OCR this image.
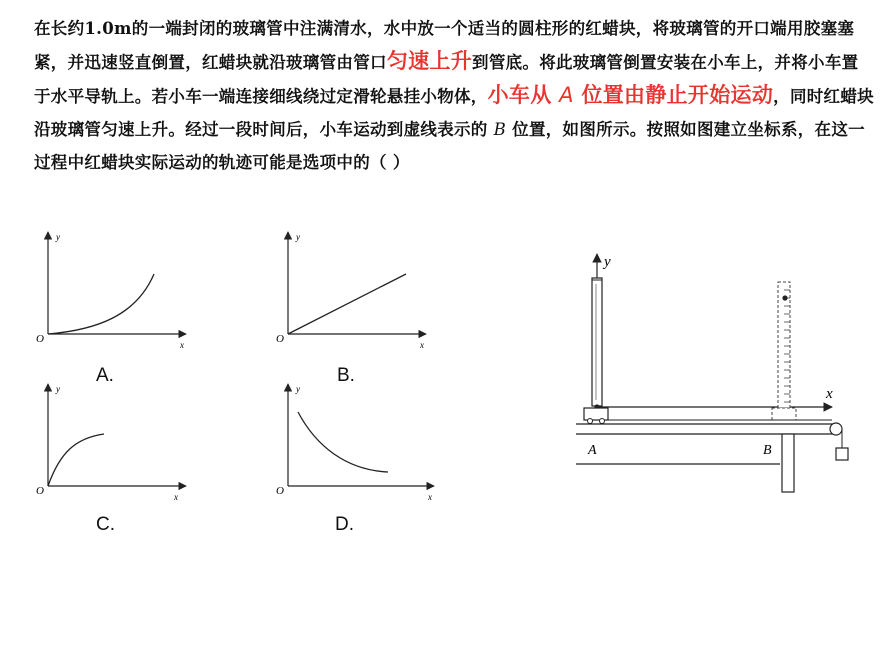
在长约1.0m的一端封闭的玻璃管中注满清水，水中放一个适当的圆柱形的红蜡块，将玻璃管的开口端用胶塞塞紧，并迅速竖直倒置，红蜡块就沿玻璃管由管口匀速上升到管底。将此玻璃管倒置安装在小车上，并将小车置于水平导轨上。若小车一端连接细线绕过定滑轮悬挂小物体，小车从 A 位置由静止开始运动，同时红蜡块沿玻璃管匀速上升。经过一段时间后，小车运动到虚线表示的 B 位置，如图所示。按照如图建立坐标系，在这一过程中红蜡块实际运动的轨迹可能是选项中的（ ）
O	x
y
A.
O	x
y
B.
O	x
y
C.
O	x
y
D.
y
x
A	B
